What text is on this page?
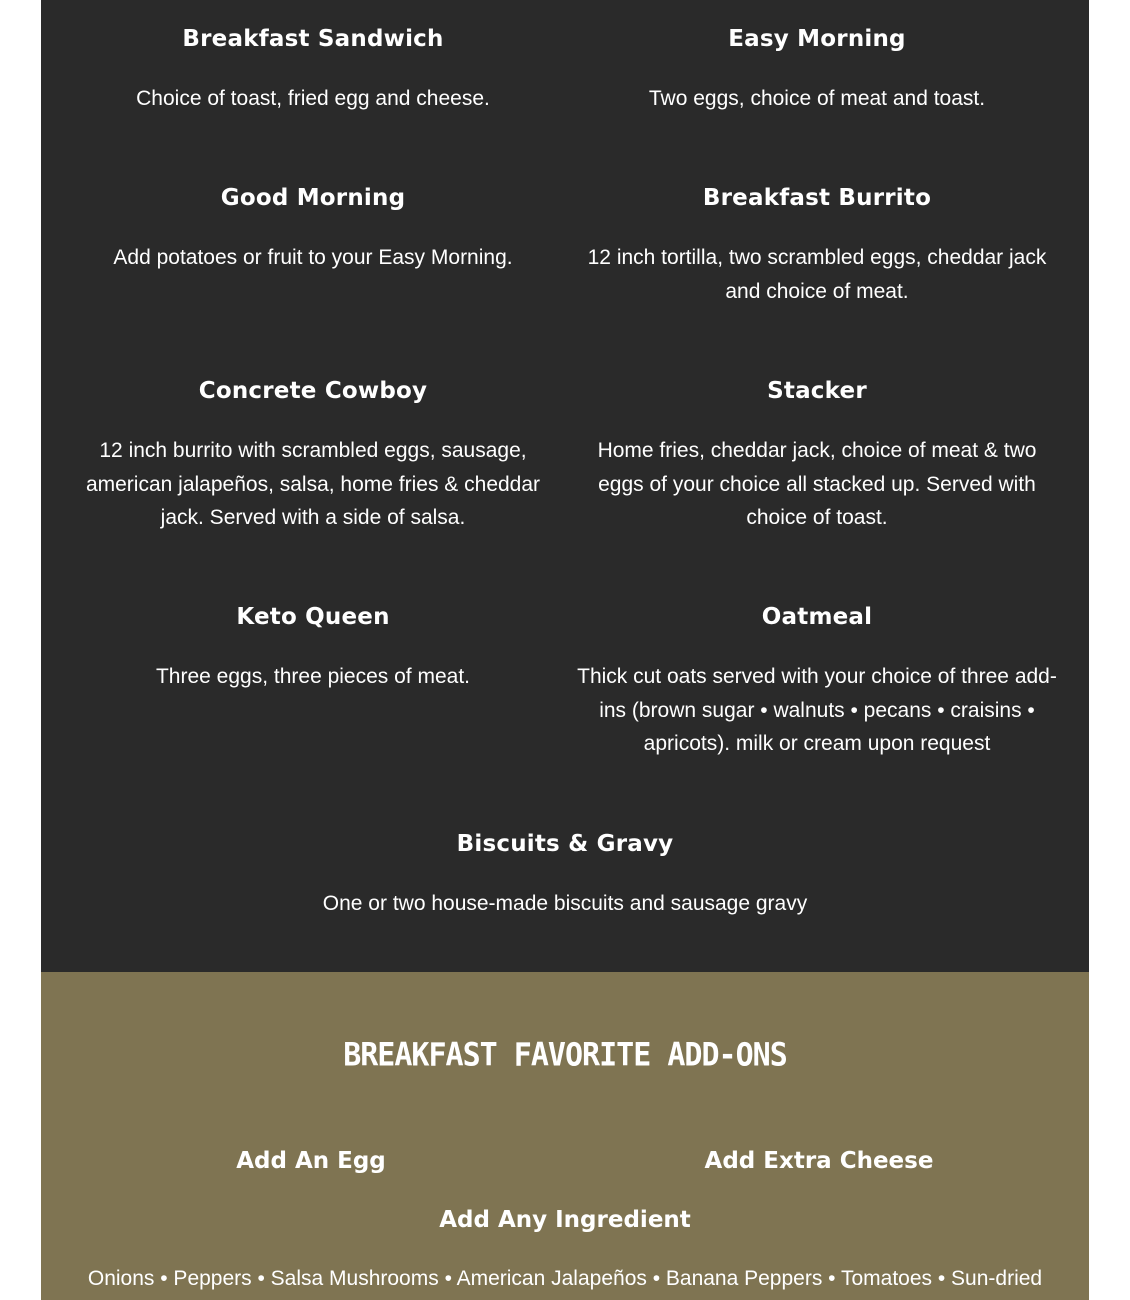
Breakfast Sandwich

Choice of toast, fried egg and cheese.

Easy Morning

Two eggs, choice of meat and toast.

Good Morning

Add potatoes or fruit to your Easy Morning.

Breakfast Burrito

12 inch tortilla, two scrambled eggs, cheddar jack and choice of meat.

Concrete Cowboy

12 inch burrito with scrambled eggs, sausage, american jalapeños, salsa, home fries & cheddar jack. Served with a side of salsa.

Stacker

Home fries, cheddar jack, choice of meat & two eggs of your choice all stacked up. Served with choice of toast.

Keto Queen

Three eggs, three pieces of meat.

Oatmeal

Thick cut oats served with your choice of three add-ins (brown sugar • walnuts • pecans • craisins • apricots). milk or cream upon request

Biscuits & Gravy

One or two house-made biscuits and sausage gravy

BREAKFAST FAVORITE ADD-ONS
Add An Egg	Add Extra Cheese
Add Any Ingredient

Onions • Peppers • Salsa Mushrooms • American Jalapeños • Banana Peppers • Tomatoes • Sun-dried
